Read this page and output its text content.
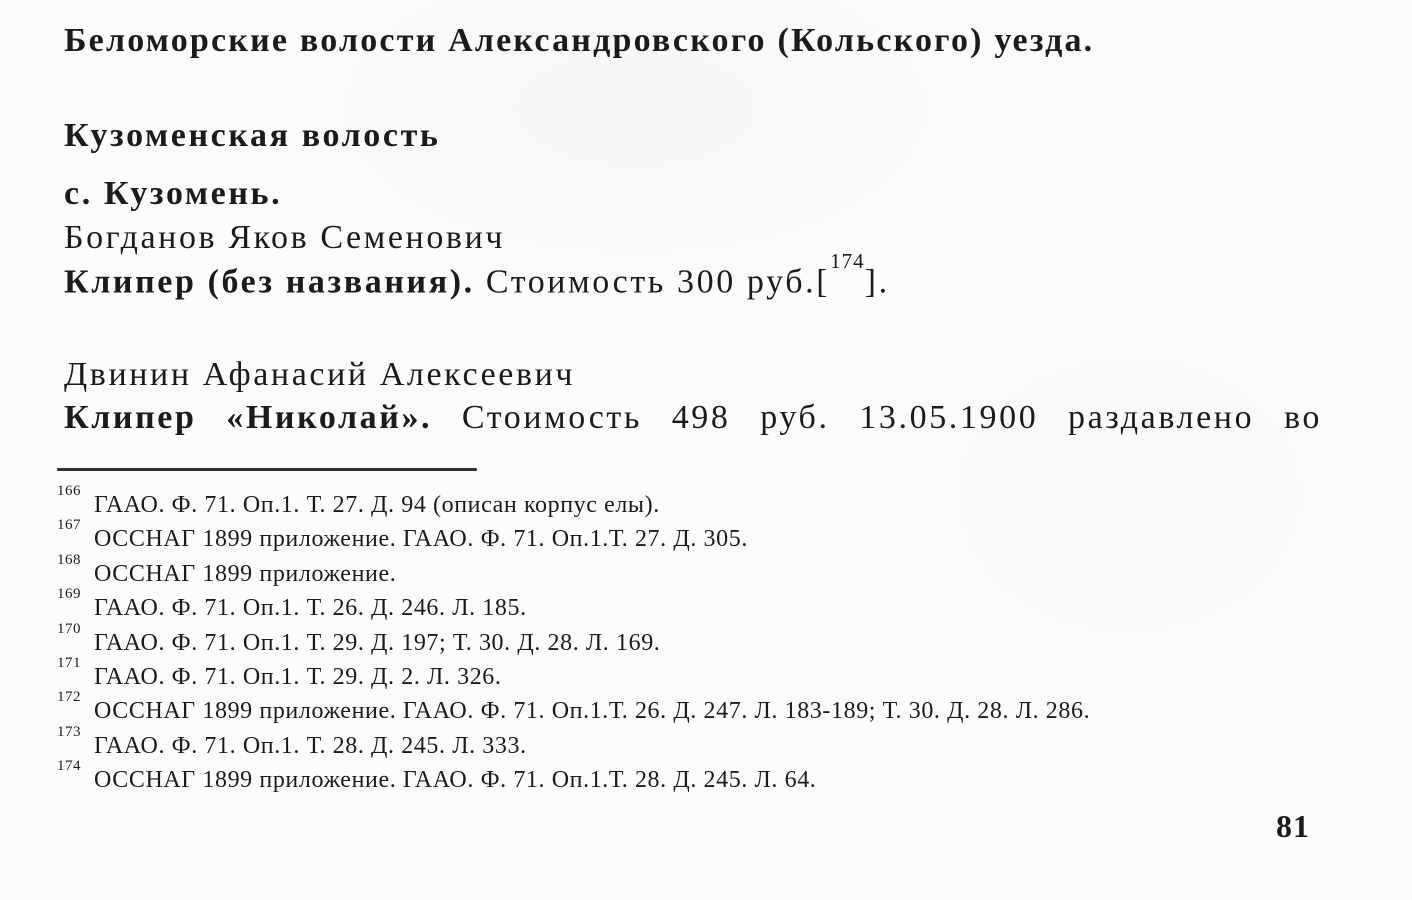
Беломорские волости Александровского (Кольского) уезда.
Кузоменская волость
с. Кузомень.
Богданов Яков Семенович
Клипер (без названия). Стоимость 300 руб.[$^{174}$].
Двинин Афанасий Алексеевич
Клипер «Николай». Стоимость 498 руб. 13.05.1900 раздавлено во
$^{166}$ГААО. Ф. 71. Оп.1. Т. 27. Д. 94 (описан корпус елы).
$^{167}$ОССНАГ 1899 приложение. ГААО. Ф. 71. Оп.1.Т. 27. Д. 305.
$^{168}$ОССНАГ 1899 приложение.
$^{169}$ГААО. Ф. 71. Оп.1. Т. 26. Д. 246. Л. 185.
$^{170}$ГААО. Ф. 71. Оп.1. Т. 29. Д. 197; Т. 30. Д. 28. Л. 169.
$^{171}$ГААО. Ф. 71. Оп.1. Т. 29. Д. 2. Л. 326.
$^{172}$ОССНАГ 1899 приложение. ГААО. Ф. 71. Оп.1.Т. 26. Д. 247. Л. 183-189; Т. 30. Д. 28. Л. 286.
$^{173}$ГААО. Ф. 71. Оп.1. Т. 28. Д. 245. Л. 333.
$^{174}$ОССНАГ 1899 приложение. ГААО. Ф. 71. Оп.1.Т. 28. Д. 245. Л. 64.
81
